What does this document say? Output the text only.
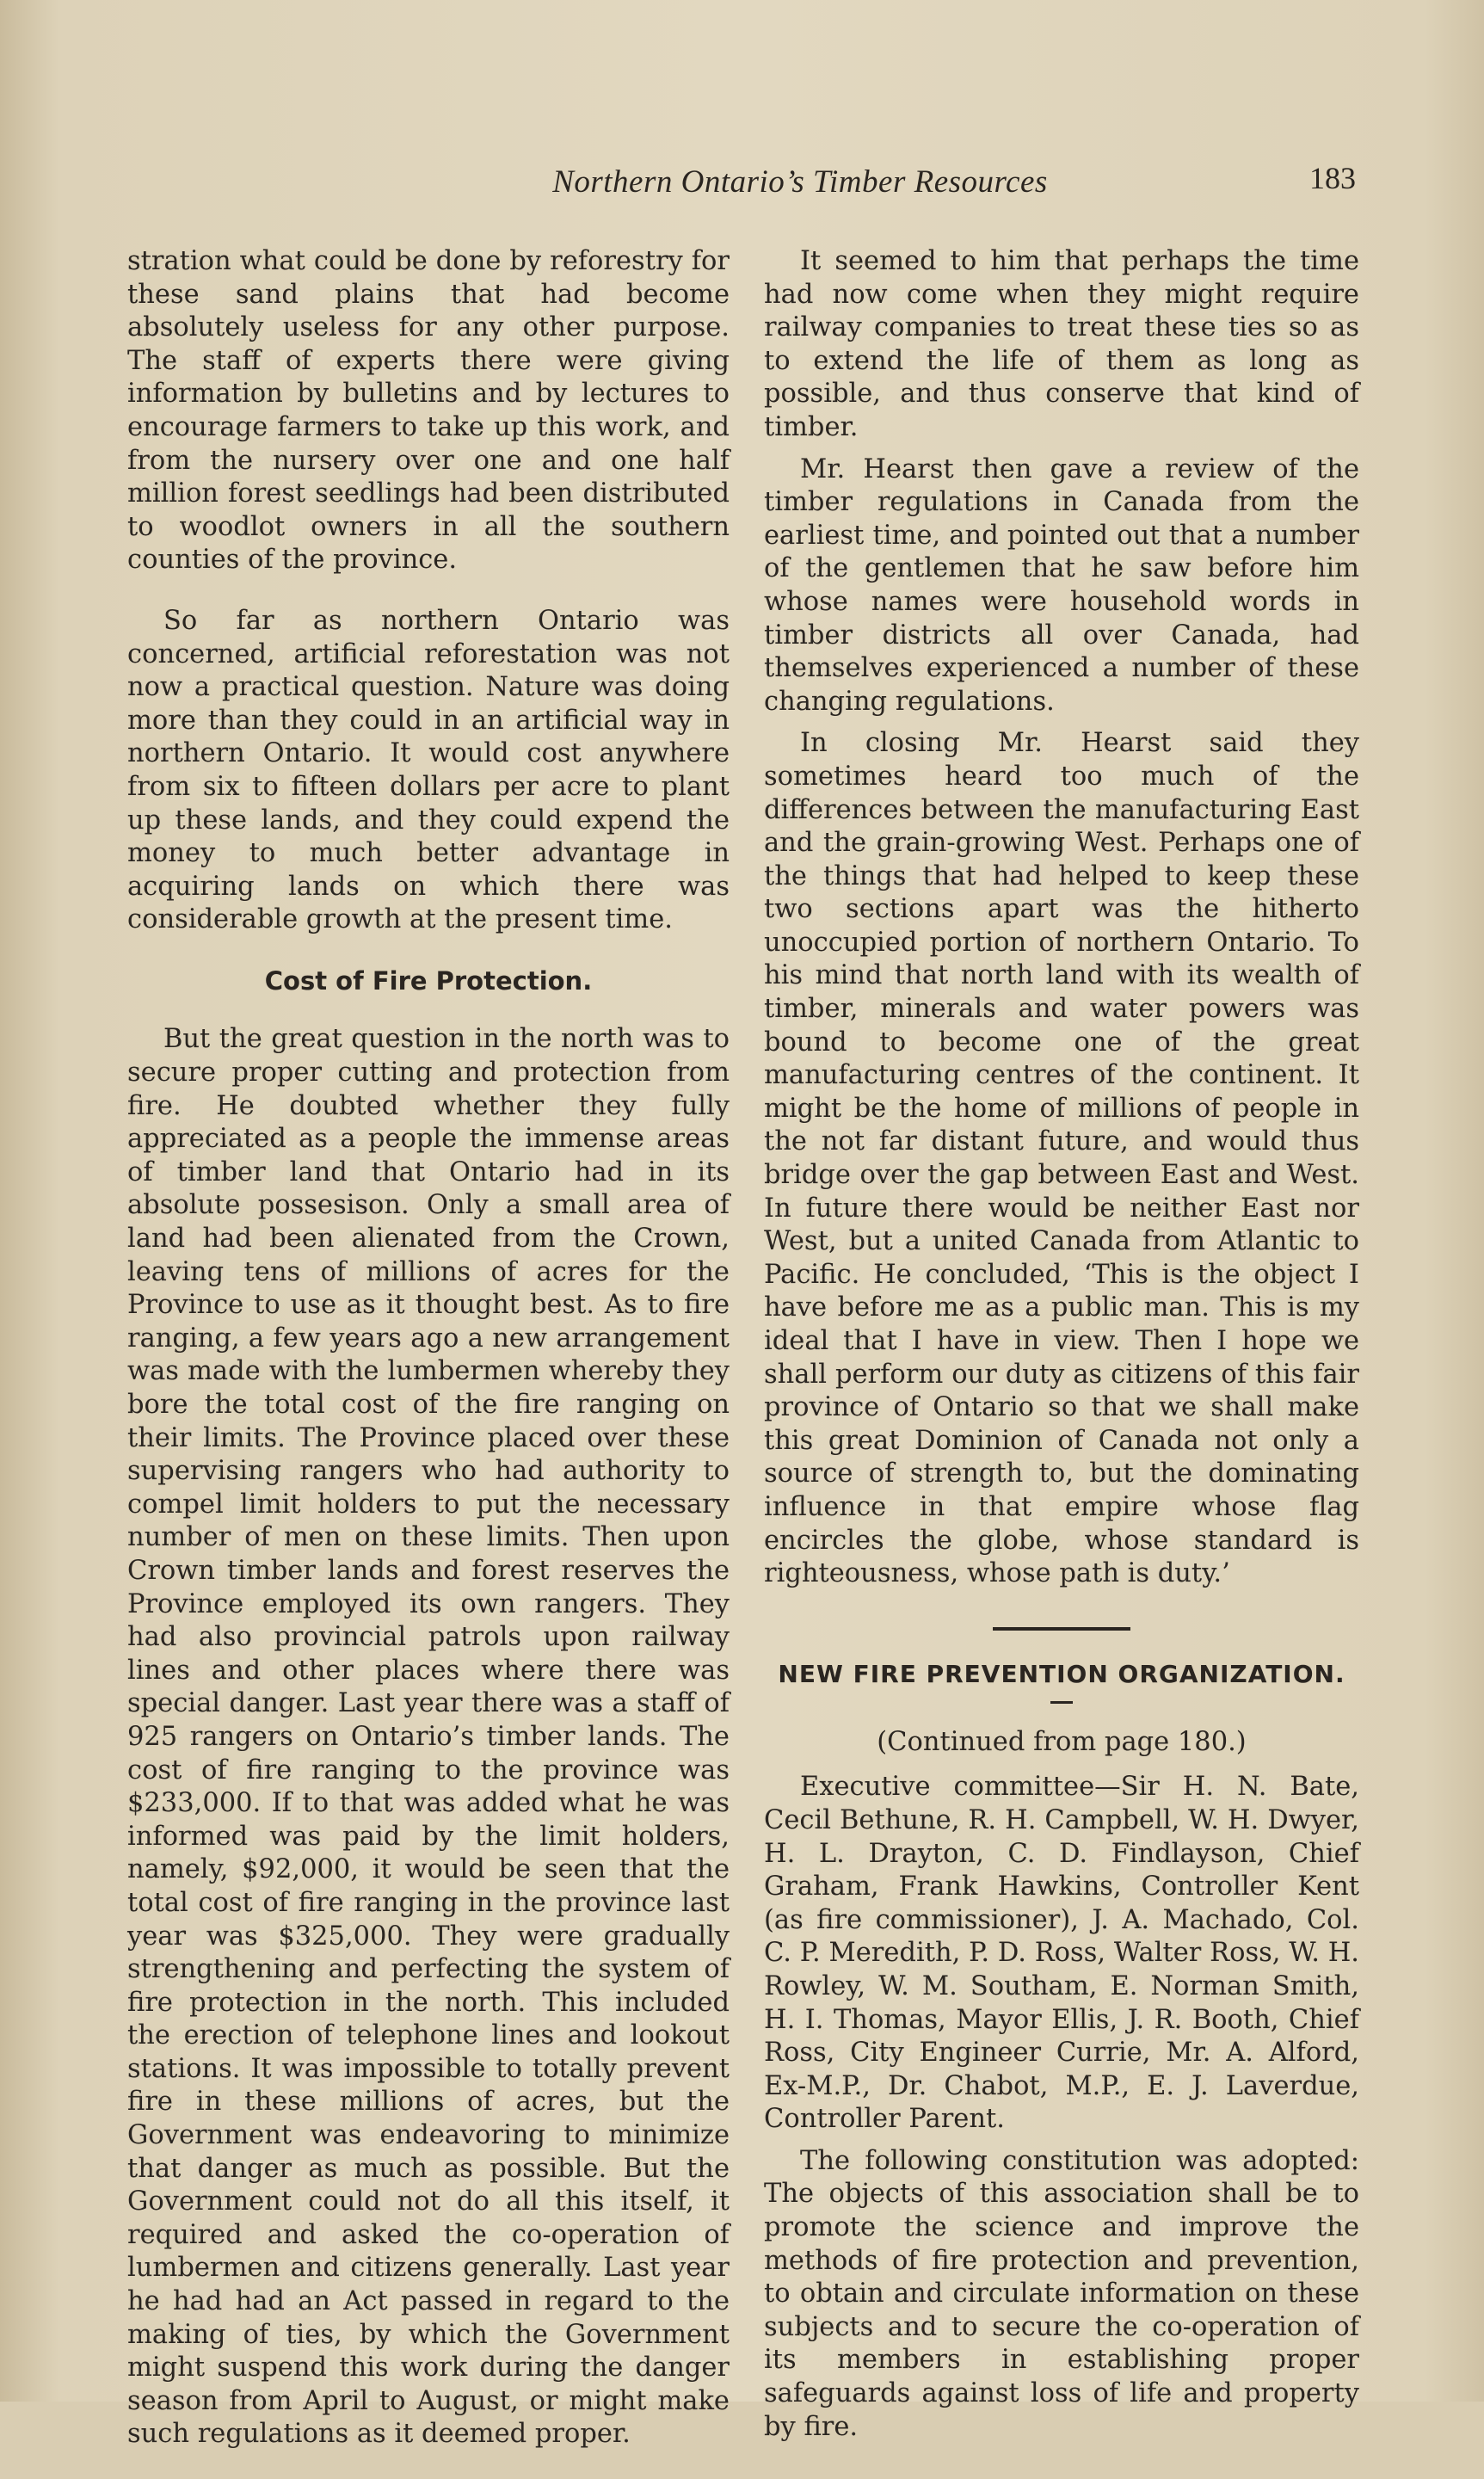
Northern Ontario’s Timber Resources	183

stration what could be done by reforestry for these sand plains that had become absolutely useless for any other purpose. The staff of experts there were giving information by bulletins and by lectures to encourage farmers to take up this work, and from the nursery over one and one half million forest seedlings had been distributed to woodlot owners in all the southern counties of the province.

So far as northern Ontario was concerned, artificial reforestation was not now a practical question. Nature was doing more than they could in an artificial way in northern Ontario. It would cost anywhere from six to fifteen dollars per acre to plant up these lands, and they could expend the money to much better advantage in acquiring lands on which there was considerable growth at the present time.

Cost of Fire Protection.

But the great question in the north was to secure proper cutting and protection from fire. He doubted whether they fully appreciated as a people the immense areas of timber land that Ontario had in its absolute possesison. Only a small area of land had been alienated from the Crown, leaving tens of millions of acres for the Province to use as it thought best. As to fire ranging, a few years ago a new arrangement was made with the lumbermen whereby they bore the total cost of the fire ranging on their limits. The Province placed over these supervising rangers who had authority to compel limit holders to put the necessary number of men on these limits. Then upon Crown timber lands and forest reserves the Province employed its own rangers. They had also provincial patrols upon railway lines and other places where there was special danger. Last year there was a staff of 925 rangers on Ontario’s timber lands. The cost of fire ranging to the province was $233,000. If to that was added what he was informed was paid by the limit holders, namely, $92,000, it would be seen that the total cost of fire ranging in the province last year was $325,000. They were gradually strengthening and perfecting the system of fire protection in the north. This included the erection of telephone lines and lookout stations. It was impossible to totally prevent fire in these millions of acres, but the Government was endeavoring to minimize that danger as much as possible. But the Government could not do all this itself, it required and asked the co-operation of lumbermen and citizens generally. Last year he had had an Act passed in regard to the making of ties, by which the Government might suspend this work during the danger season from April to August, or might make such regulations as it deemed proper.

It seemed to him that perhaps the time had now come when they might require railway companies to treat these ties so as to extend the life of them as long as possible, and thus conserve that kind of timber.

Mr. Hearst then gave a review of the timber regulations in Canada from the earliest time, and pointed out that a number of the gentlemen that he saw before him whose names were household words in timber districts all over Canada, had themselves experienced a number of these changing regulations.

In closing Mr. Hearst said they sometimes heard too much of the differences between the manufacturing East and the grain-growing West. Perhaps one of the things that had helped to keep these two sections apart was the hitherto unoccupied portion of northern Ontario. To his mind that north land with its wealth of timber, minerals and water powers was bound to become one of the great manufacturing centres of the continent. It might be the home of millions of people in the not far distant future, and would thus bridge over the gap between East and West. In future there would be neither East nor West, but a united Canada from Atlantic to Pacific. He concluded, ‘This is the object I have before me as a public man. This is my ideal that I have in view. Then I hope we shall perform our duty as citizens of this fair province of Ontario so that we shall make this great Dominion of Canada not only a source of strength to, but the dominating influence in that empire whose flag encircles the globe, whose standard is righteousness, whose path is duty.’

NEW FIRE PREVENTION ORGANIZATION.
(Continued from page 180.)

Executive committee—Sir H. N. Bate, Cecil Bethune, R. H. Campbell, W. H. Dwyer, H. L. Drayton, C. D. Findlayson, Chief Graham, Frank Hawkins, Controller Kent (as fire commissioner), J. A. Machado, Col. C. P. Meredith, P. D. Ross, Walter Ross, W. H. Rowley, W. M. Southam, E. Norman Smith, H. I. Thomas, Mayor Ellis, J. R. Booth, Chief Ross, City Engineer Currie, Mr. A. Alford, Ex-M.P., Dr. Chabot, M.P., E. J. Laverdue, Controller Parent.

The following constitution was adopted: The objects of this association shall be to promote the science and improve the methods of fire protection and prevention, to obtain and circulate information on these subjects and to secure the co-operation of its members in establishing proper safeguards against loss of life and property by fire.
